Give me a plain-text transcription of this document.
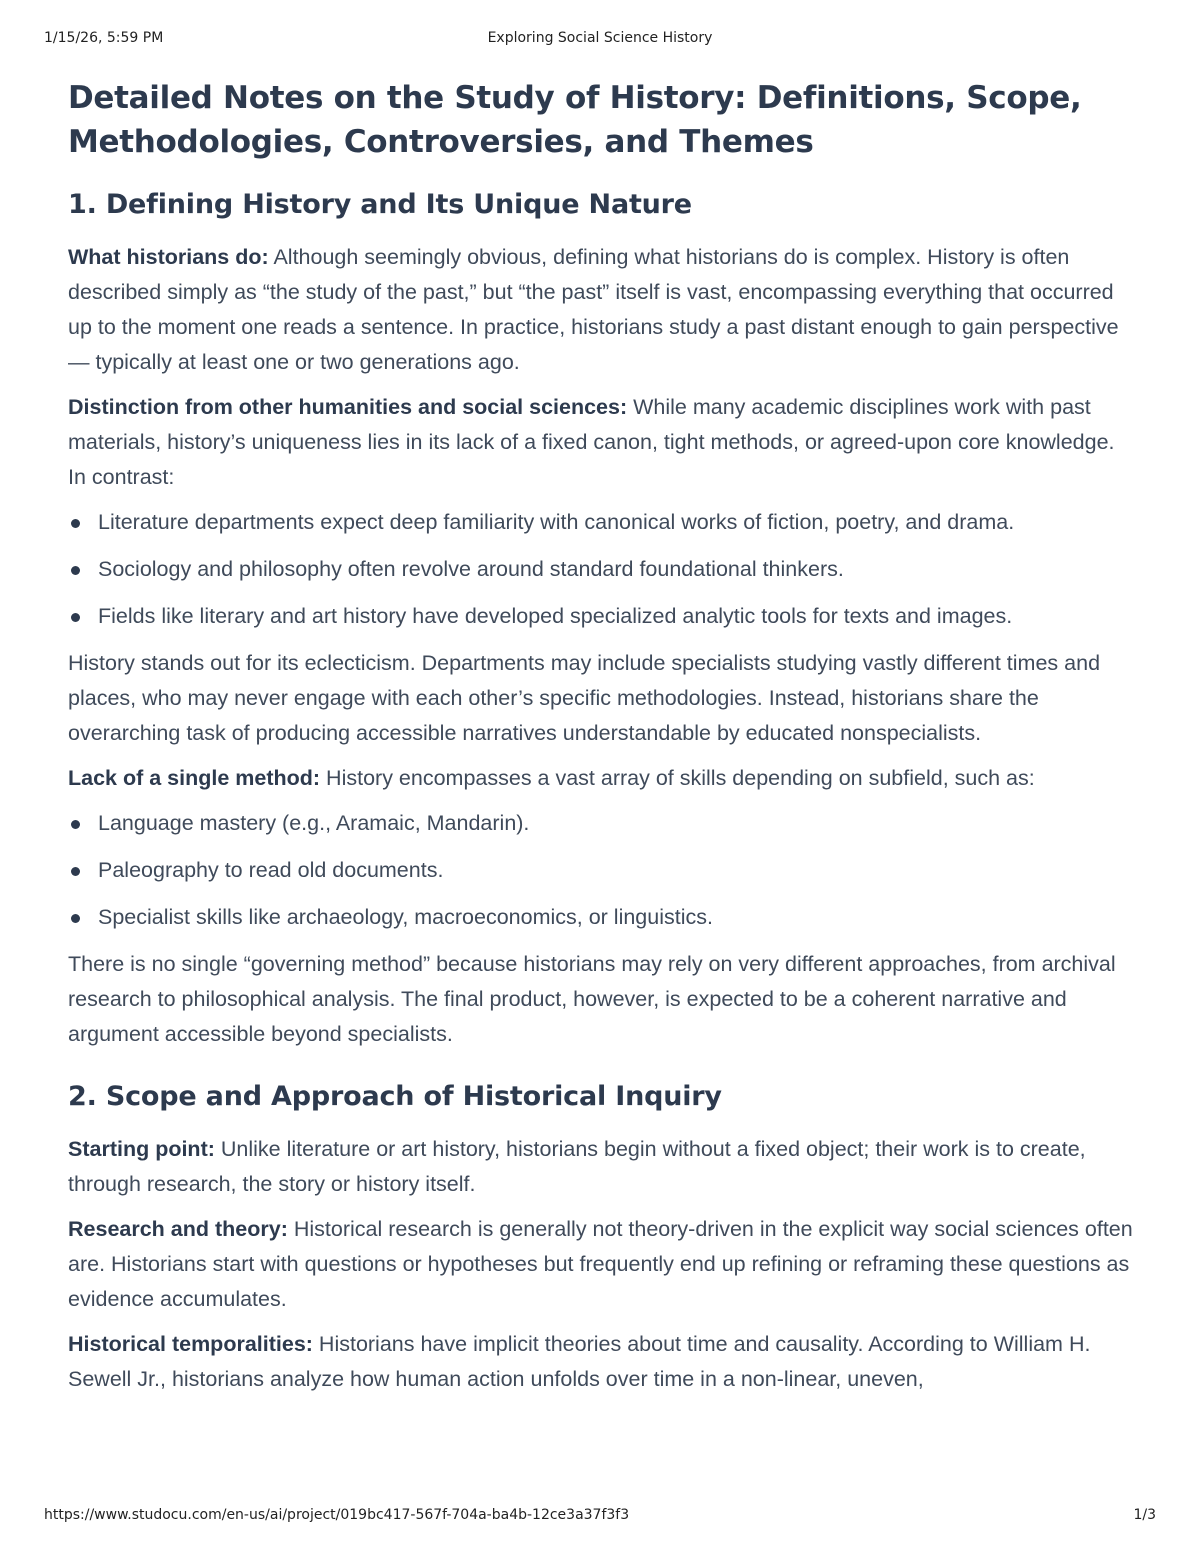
1/15/26, 5:59 PM	Exploring Social Science History
Detailed Notes on the Study of History: Definitions, Scope, Methodologies, Controversies, and Themes
1. Defining History and Its Unique Nature

What historians do: Although seemingly obvious, defining what historians do is complex. History is often described simply as “the study of the past,” but “the past” itself is vast, encompassing everything that occurred up to the moment one reads a sentence. In practice, historians study a past distant enough to gain perspective — typically at least one or two generations ago.

Distinction from other humanities and social sciences: While many academic disciplines work with past materials, history’s uniqueness lies in its lack of a fixed canon, tight methods, or agreed-upon core knowledge. In contrast:

Literature departments expect deep familiarity with canonical works of fiction, poetry, and drama.
Sociology and philosophy often revolve around standard foundational thinkers.
Fields like literary and art history have developed specialized analytic tools for texts and images.

History stands out for its eclecticism. Departments may include specialists studying vastly different times and places, who may never engage with each other’s specific methodologies. Instead, historians share the overarching task of producing accessible narratives understandable by educated nonspecialists.

Lack of a single method: History encompasses a vast array of skills depending on subfield, such as:

Language mastery (e.g., Aramaic, Mandarin).
Paleography to read old documents.
Specialist skills like archaeology, macroeconomics, or linguistics.

There is no single “governing method” because historians may rely on very different approaches, from archival research to philosophical analysis. The final product, however, is expected to be a coherent narrative and argument accessible beyond specialists.

2. Scope and Approach of Historical Inquiry

Starting point: Unlike literature or art history, historians begin without a fixed object; their work is to create, through research, the story or history itself.

Research and theory: Historical research is generally not theory-driven in the explicit way social sciences often are. Historians start with questions or hypotheses but frequently end up refining or reframing these questions as evidence accumulates.

Historical temporalities: Historians have implicit theories about time and causality. According to William H. Sewell Jr., historians analyze how human action unfolds over time in a non-linear, uneven,

https://www.studocu.com/en-us/ai/project/019bc417-567f-704a-ba4b-12ce3a37f3f3	1/3
